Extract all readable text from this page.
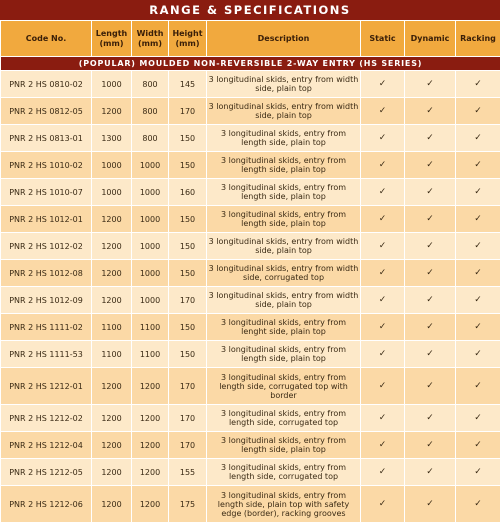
RANGE & SPECIFICATIONS
Code No.	Length (mm)	Width (mm)	Height (mm)	Description	Static	Dynamic	Racking
(POPULAR) MOULDED NON-REVERSIBLE 2-WAY ENTRY (HS SERIES)							
PNR 2 HS 0810-02	1000	800	145	3 longitudinal skids, entry from width side, plain top	✓	✓	✓
PNR 2 HS 0812-05	1200	800	170	3 longitudinal skids, entry from width side, plain top	✓	✓	✓
PNR 2 HS 0813-01	1300	800	150	3 longitudinal skids, entry from length side, plain top	✓	✓	✓
PNR 2 HS 1010-02	1000	1000	150	3 longitudinal skids, entry from length side, plain top	✓	✓	✓
PNR 2 HS 1010-07	1000	1000	160	3 longitudinal skids, entry from length side, plain top	✓	✓	✓
PNR 2 HS 1012-01	1200	1000	150	3 longitudinal skids, entry from length side, plain top	✓	✓	✓
PNR 2 HS 1012-02	1200	1000	150	3 longitudinal skids, entry from width side, plain top	✓	✓	✓
PNR 2 HS 1012-08	1200	1000	150	3 longitudinal skids, entry from width side, corrugated top	✓	✓	✓
PNR 2 HS 1012-09	1200	1000	170	3 longitudinal skids, entry from width side, plain top	✓	✓	✓
PNR 2 HS 1111-02	1100	1100	150	3 longitudinal skids, entry from lenght side, plain top	✓	✓	✓
PNR 2 HS 1111-53	1100	1100	150	3 longitudinal skids, entry from length side, plain top	✓	✓	✓
PNR 2 HS 1212-01	1200	1200	170	3 longitudinal skids, entry from length side, corrugated top with border	✓	✓	✓
PNR 2 HS 1212-02	1200	1200	170	3 longitudinal skids, entry from length side, corrugated top	✓	✓	✓
PNR 2 HS 1212-04	1200	1200	170	3 longitudinal skids, entry from length side, plain top	✓	✓	✓
PNR 2 HS 1212-05	1200	1200	155	3 longitudinal skids, entry from length side, corrugated top	✓	✓	✓
PNR 2 HS 1212-06	1200	1200	175	3 longitudinal skids, entry from length side, plain top with safety edge (border), racking grooves	✓	✓	✓
